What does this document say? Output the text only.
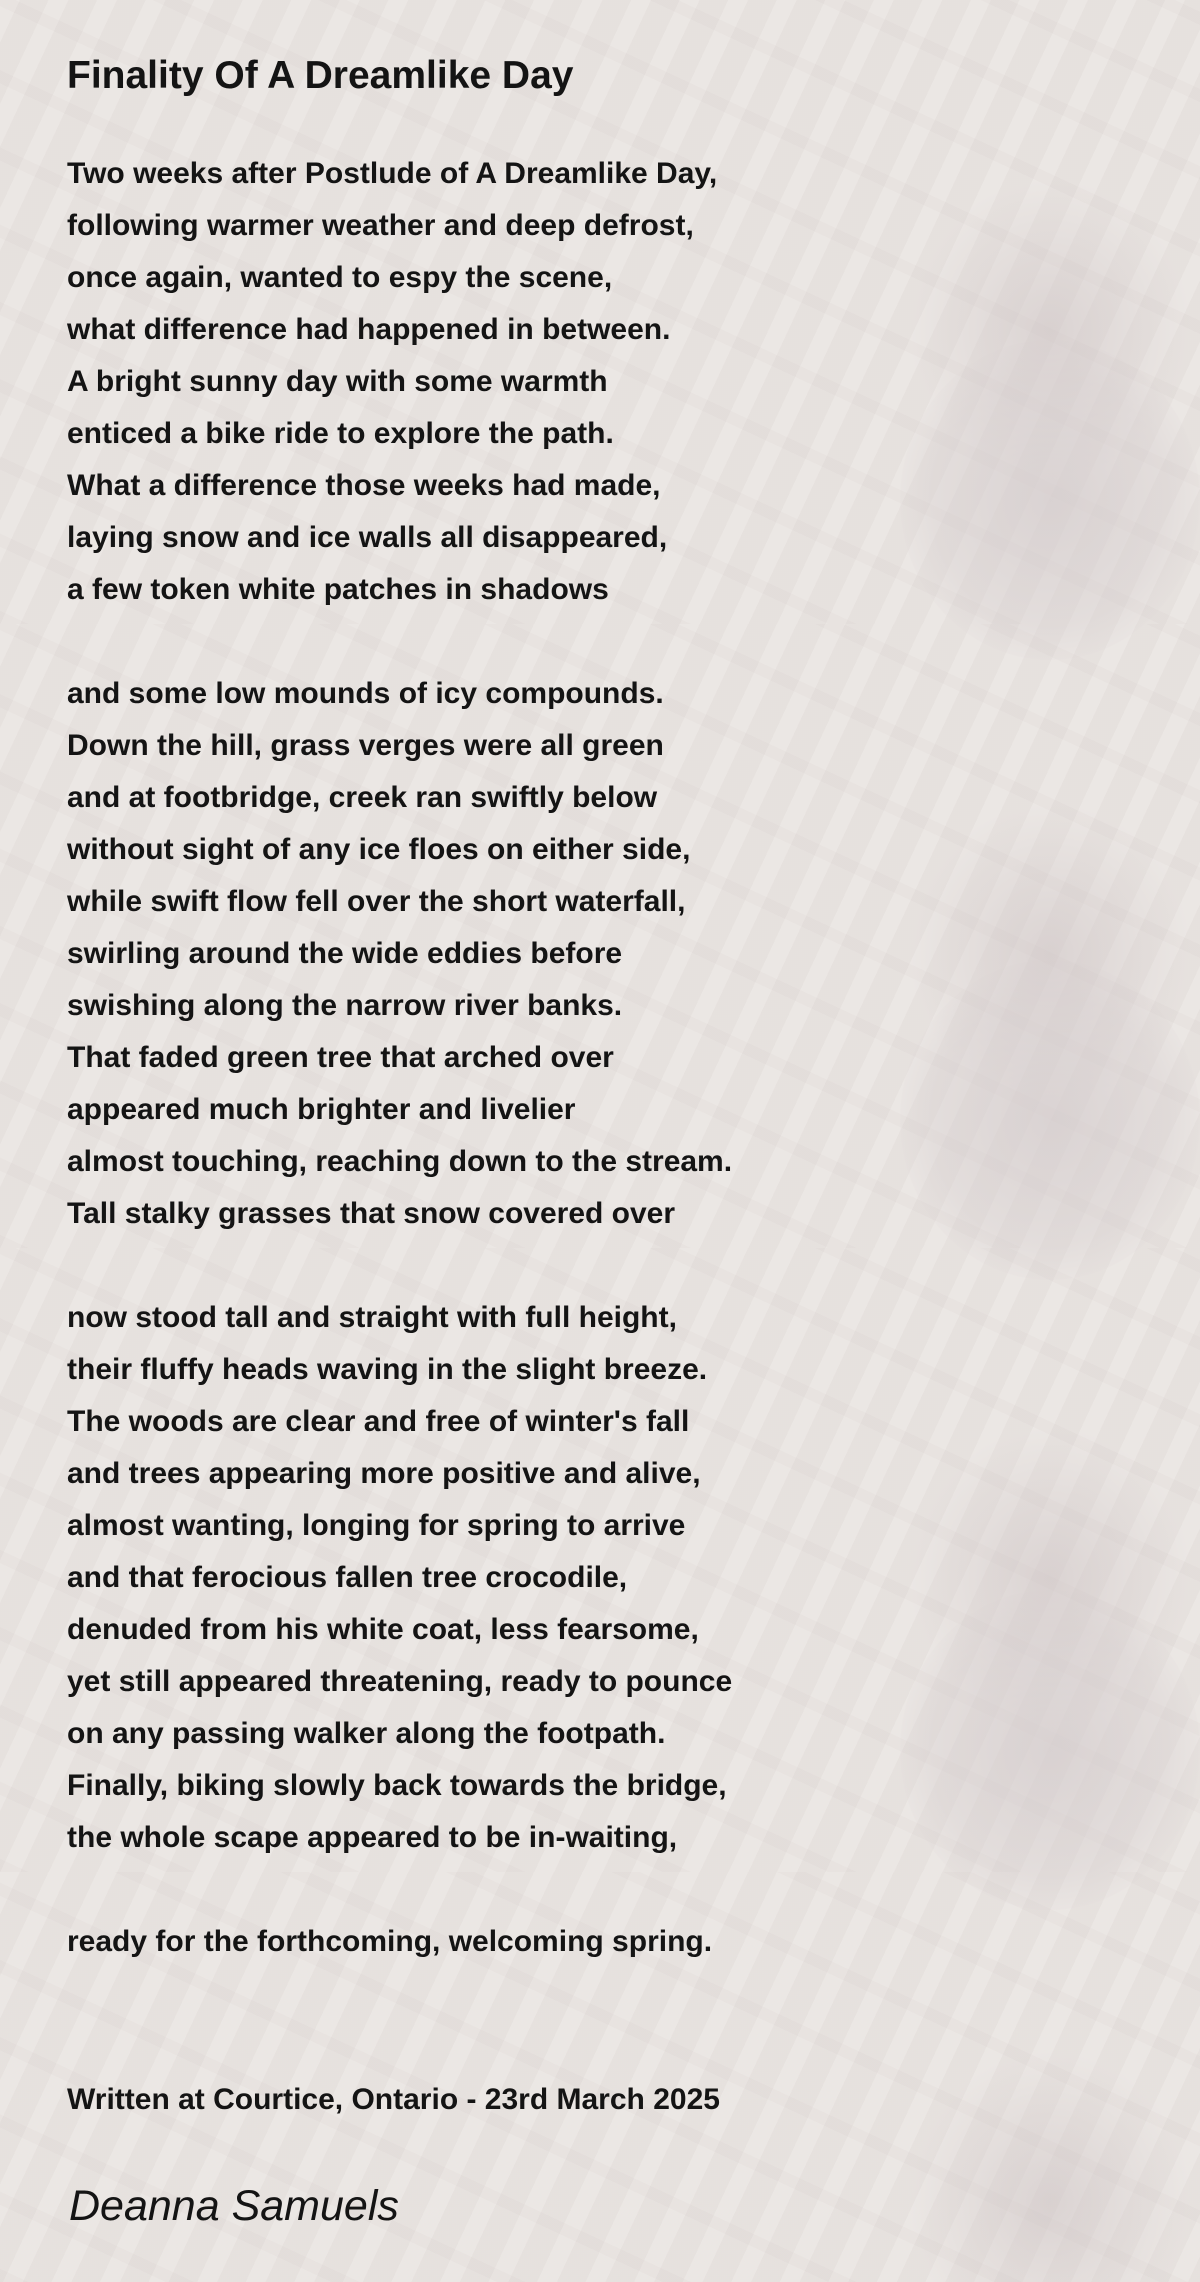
Finality Of A Dreamlike Day
Two weeks after Postlude of A Dreamlike Day,
following warmer weather and deep defrost,
once again, wanted to espy the scene,
what difference had happened in between.
A bright sunny day with some warmth
enticed a bike ride to explore the path.
What a difference those weeks had made,
laying snow and ice walls all disappeared,
a few token white patches in shadows
and some low mounds of icy compounds.
Down the hill, grass verges were all green
and at footbridge, creek ran swiftly below
without sight of any ice floes on either side,
while swift flow fell over the short waterfall,
swirling around the wide eddies before
swishing along the narrow river banks.
That faded green tree that arched over
appeared much brighter and livelier
almost touching, reaching down to the stream.
Tall stalky grasses that snow covered over
now stood tall and straight with full height,
their fluffy heads waving in the slight breeze.
The woods are clear and free of winter's fall
and trees appearing more positive and alive,
almost wanting, longing for spring to arrive
and that ferocious fallen tree crocodile,
denuded from his white coat, less fearsome,
yet still appeared threatening, ready to pounce
on any passing walker along the footpath.
Finally, biking slowly back towards the bridge,
the whole scape appeared to be in-waiting,
ready for the forthcoming, welcoming spring.
Written at Courtice, Ontario - 23rd March 2025
Deanna Samuels
